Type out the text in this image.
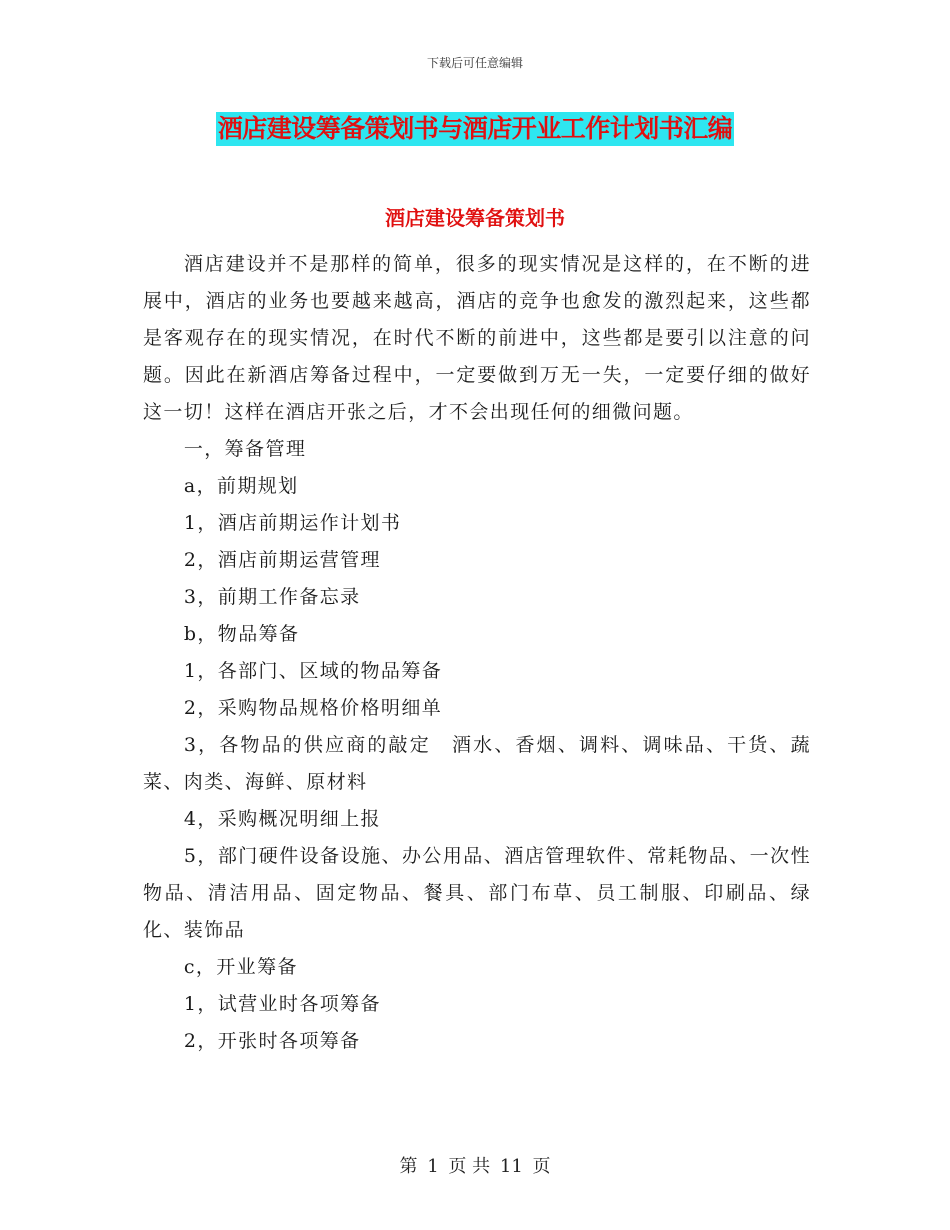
下载后可任意编辑
酒店建设筹备策划书与酒店开业工作计划书汇编
酒店建设筹备策划书

酒店建设并不是那样的简单，很多的现实情况是这样的，在不断的进展中，酒店的业务也要越来越高，酒店的竞争也愈发的激烈起来，这些都是客观存在的现实情况，在时代不断的前进中，这些都是要引以注意的问题。因此在新酒店筹备过程中，一定要做到万无一失，一定要仔细的做好这一切！这样在酒店开张之后，才不会出现任何的细微问题。

一，筹备管理

a，前期规划

1，酒店前期运作计划书

2，酒店前期运营管理

3，前期工作备忘录

b，物品筹备

1，各部门、区域的物品筹备

2，采购物品规格价格明细单

3，各物品的供应商的敲定　酒水、香烟、调料、调味品、干货、蔬菜、肉类、海鲜、原材料

4，采购概况明细上报

5，部门硬件设备设施、办公用品、酒店管理软件、常耗物品、一次性物品、清洁用品、固定物品、餐具、部门布草、员工制服、印刷品、绿化、装饰品

c，开业筹备

1，试营业时各项筹备

2，开张时各项筹备

第 1 页 共 11 页
